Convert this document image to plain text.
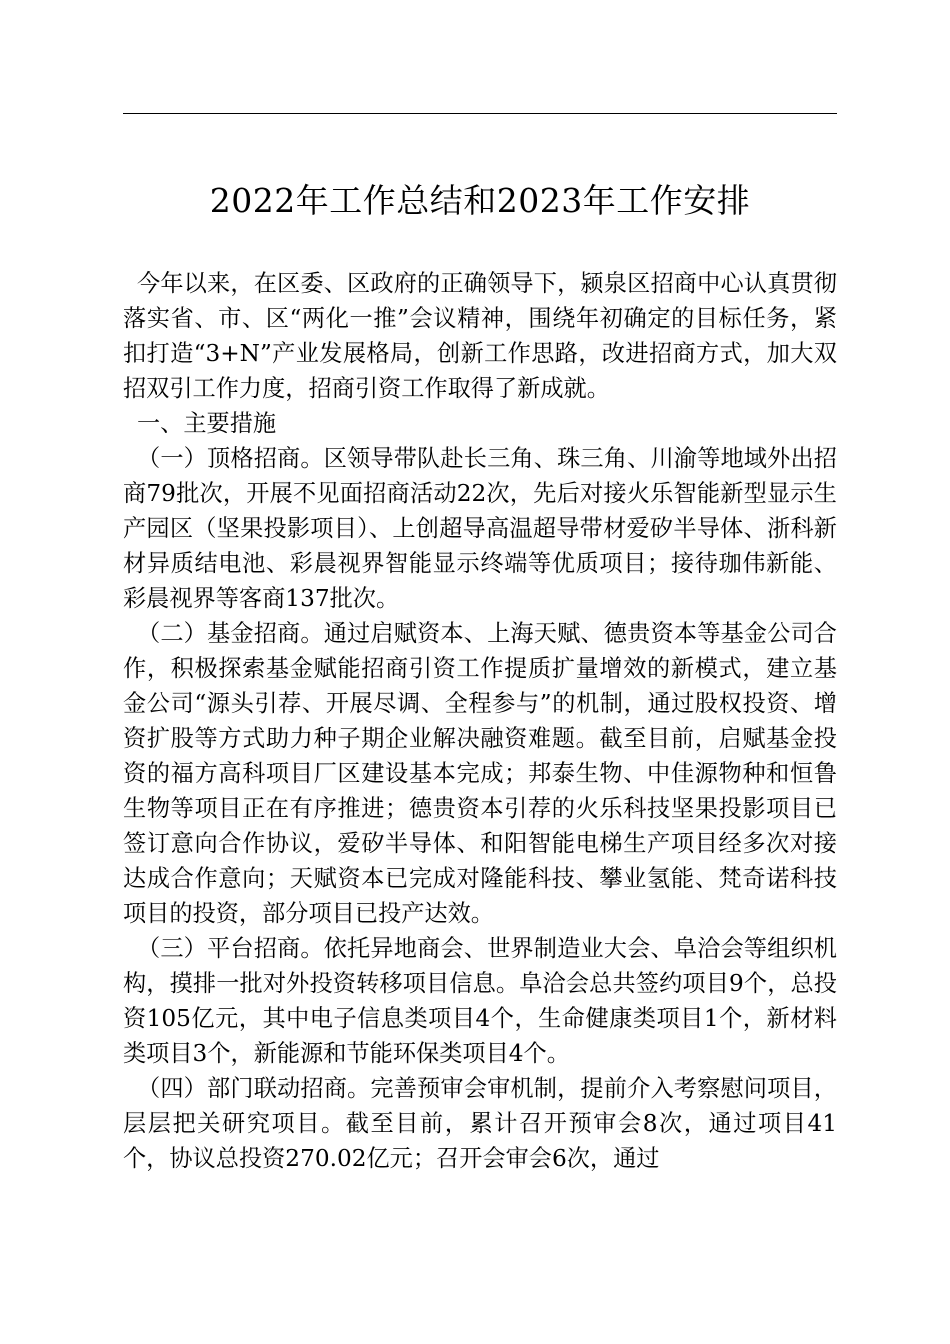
2022年工作总结和2023年工作安排

今年以来，在区委、区政府的正确领导下，颍泉区招商中心认真贯彻落实省、市、区“两化一推”会议精神，围绕年初确定的目标任务，紧扣打造“3+N”产业发展格局，创新工作思路，改进招商方式，加大双招双引工作力度，招商引资工作取得了新成就。

一、主要措施

（一）顶格招商。区领导带队赴长三角、珠三角、川渝等地域外出招商79批次，开展不见面招商活动22次，先后对接火乐智能新型显示生产园区（坚果投影项目）、上创超导高温超导带材爱矽半导体、浙科新材异质结电池、彩晨视界智能显示终端等优质项目；接待珈伟新能、彩晨视界等客商137批次。

（二）基金招商。通过启赋资本、上海天赋、德贵资本等基金公司合作，积极探索基金赋能招商引资工作提质扩量增效的新模式，建立基金公司“源头引荐、开展尽调、全程参与”的机制，通过股权投资、增资扩股等方式助力种子期企业解决融资难题。截至目前，启赋基金投资的福方高科项目厂区建设基本完成；邦泰生物、中佳源物种和恒鲁生物等项目正在有序推进；德贵资本引荐的火乐科技坚果投影项目已签订意向合作协议，爱矽半导体、和阳智能电梯生产项目经多次对接达成合作意向；天赋资本已完成对隆能科技、攀业氢能、梵奇诺科技项目的投资，部分项目已投产达效。

（三）平台招商。依托异地商会、世界制造业大会、阜洽会等组织机构，摸排一批对外投资转移项目信息。阜洽会总共签约项目9个，总投资105亿元，其中电子信息类项目4个，生命健康类项目1个，新材料类项目3个，新能源和节能环保类项目4个。

（四）部门联动招商。完善预审会审机制，提前介入考察慰问项目，层层把关研究项目。截至目前，累计召开预审会8次，通过项目41个，协议总投资270.02亿元；召开会审会6次，通过
